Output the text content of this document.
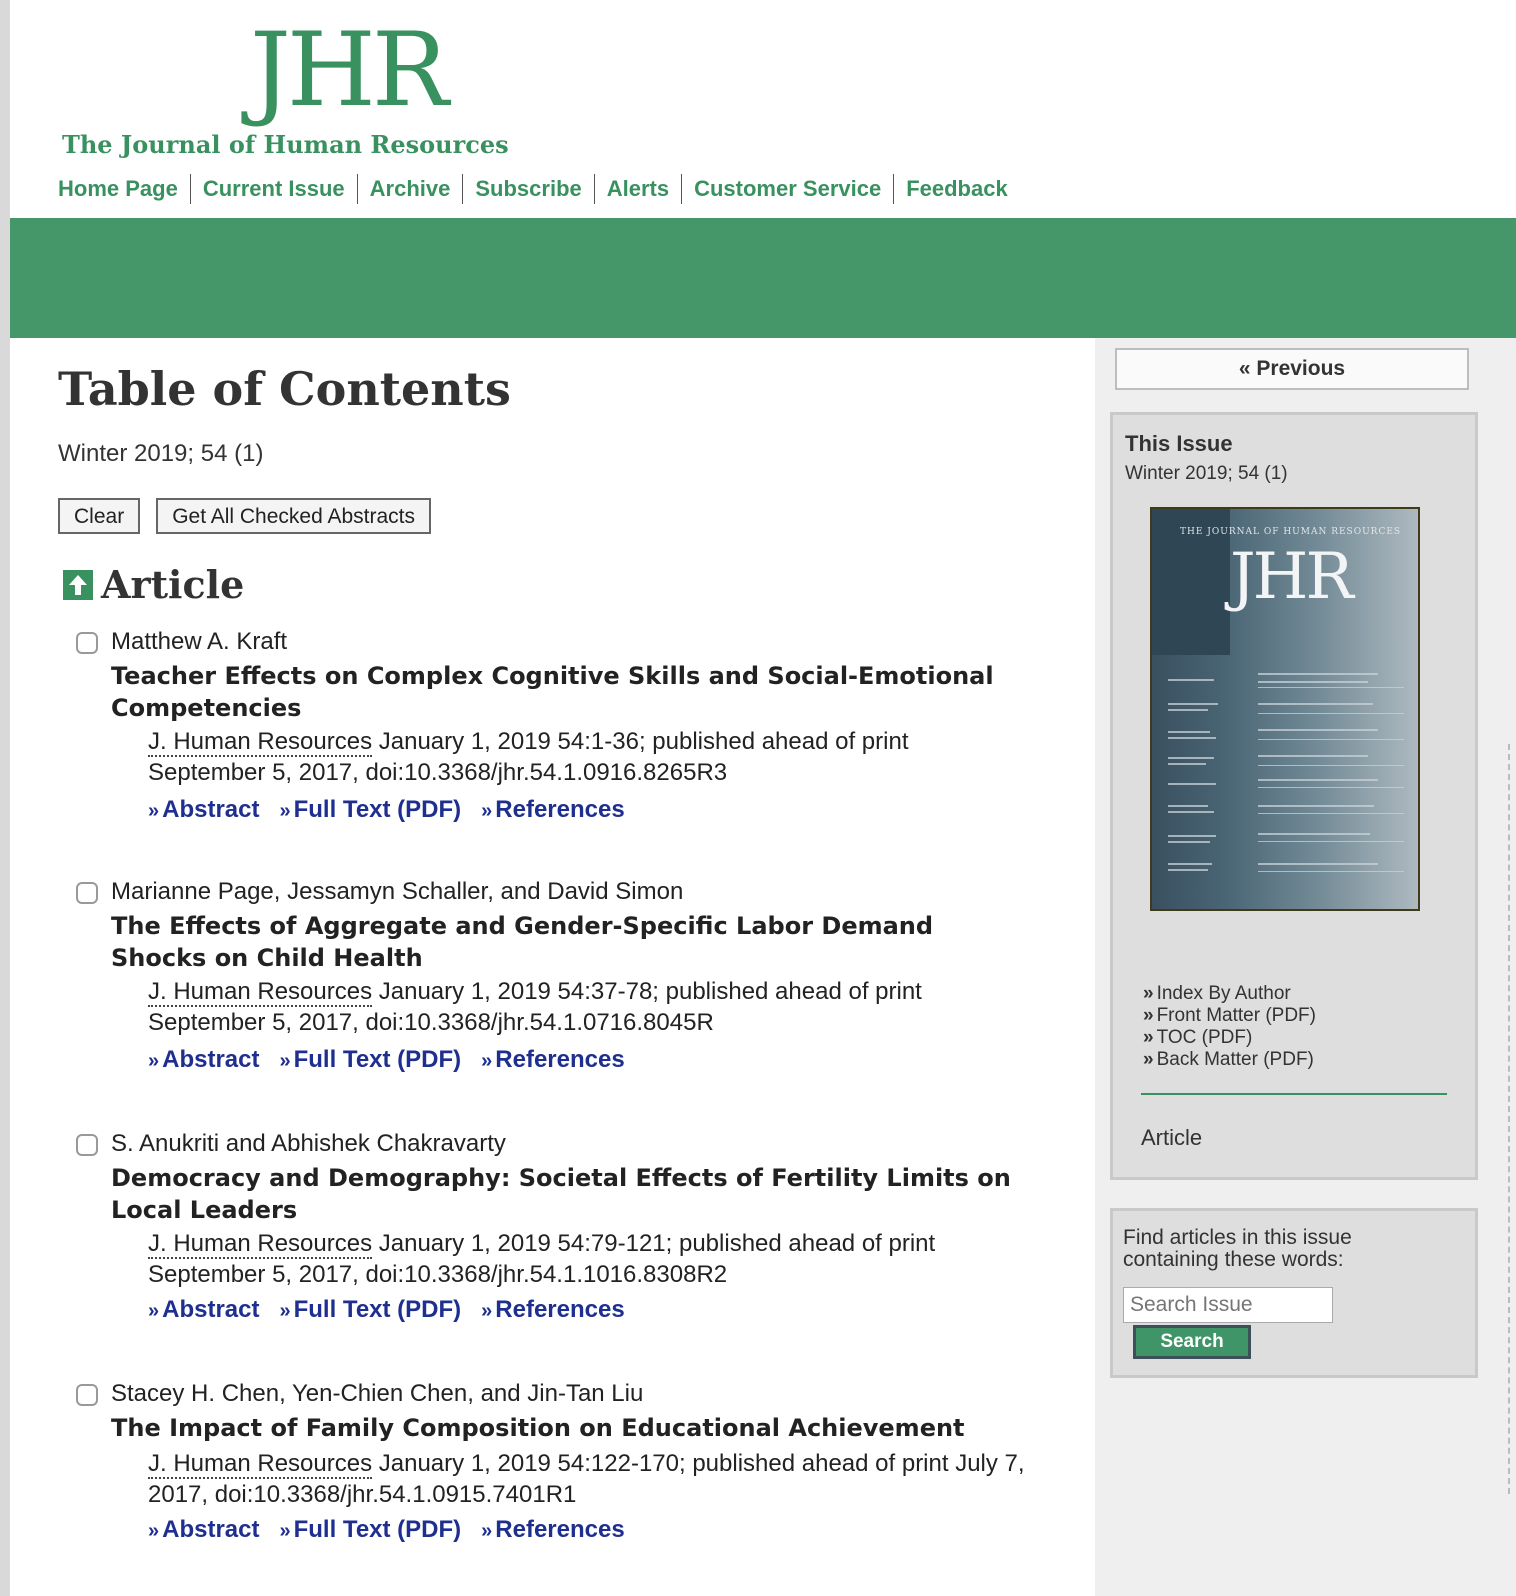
JHR
The Journal of Human Resources
Home Page	Current Issue	Archive	Subscribe	Alerts	Customer Service	Feedback
Table of Contents
Winter 2019; 54 (1)
Clear	Get All Checked Abstracts
Article
Matthew A. Kraft
Teacher Effects on Complex Cognitive Skills and Social-Emotional Competencies
J. Human Resources January 1, 2019 54:1-36; published ahead of print September 5, 2017, doi:10.3368/jhr.54.1.0916.8265R3
» Abstract » Full Text (PDF) » References
Marianne Page, Jessamyn Schaller, and David Simon
The Effects of Aggregate and Gender-Specific Labor Demand Shocks on Child Health
J. Human Resources January 1, 2019 54:37-78; published ahead of print September 5, 2017, doi:10.3368/jhr.54.1.0716.8045R
» Abstract » Full Text (PDF) » References
S. Anukriti and Abhishek Chakravarty
Democracy and Demography: Societal Effects of Fertility Limits on Local Leaders
J. Human Resources January 1, 2019 54:79-121; published ahead of print September 5, 2017, doi:10.3368/jhr.54.1.1016.8308R2
» Abstract » Full Text (PDF) » References
Stacey H. Chen, Yen-Chien Chen, and Jin-Tan Liu
The Impact of Family Composition on Educational Achievement
J. Human Resources January 1, 2019 54:122-170; published ahead of print July 7, 2017, doi:10.3368/jhr.54.1.0915.7401R1
» Abstract » Full Text (PDF) » References
« Previous
This Issue
Winter 2019; 54 (1)
THE JOURNAL OF HUMAN RESOURCES
JHR
» Index By Author
» Front Matter (PDF)
» TOC (PDF)
» Back Matter (PDF)
Article
Find articles in this issue containing these words:
Search Issue
Search
